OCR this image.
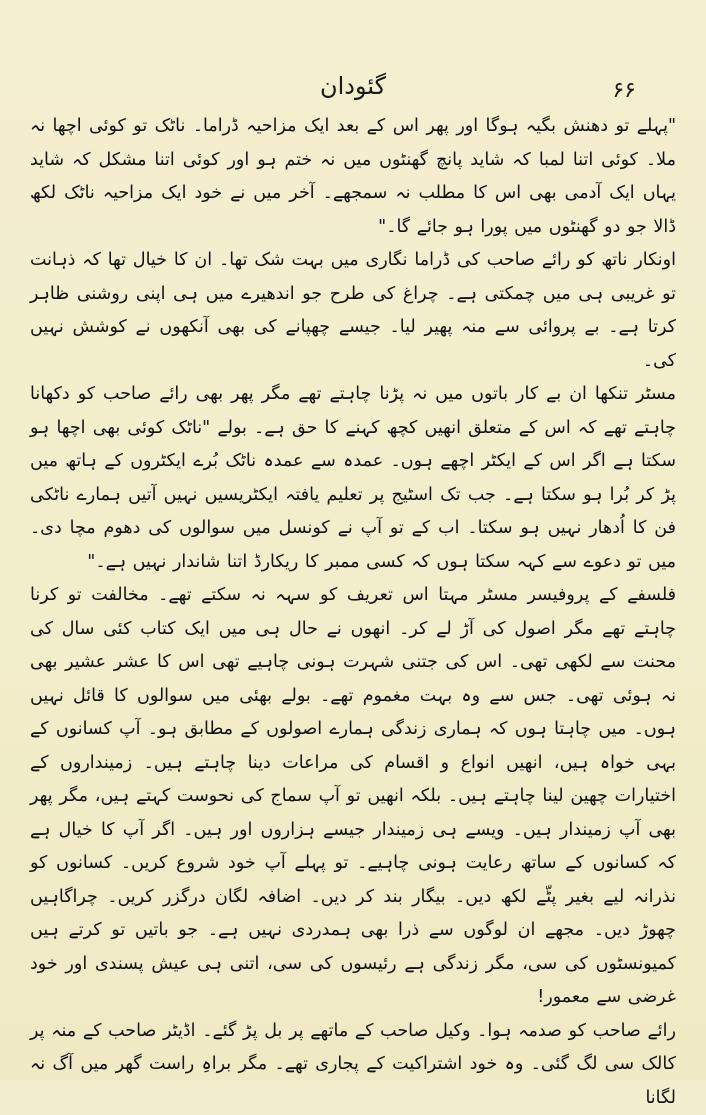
گئودان	۶۶

"پہلے تو دھنش بگیہ ہوگا اور پھر اس کے بعد ایک مزاحیہ ڈراما۔ ناٹک تو کوئی اچھا نہ ملا۔ کوئی اتنا لمبا کہ شاید پانچ گھنٹوں میں نہ ختم ہو اور کوئی اتنا مشکل کہ شاید یہاں ایک آدمی بھی اس کا مطلب نہ سمجھے۔ آخر میں نے خود ایک مزاحیہ ناٹک لکھ ڈالا جو دو گھنٹوں میں پورا ہو جائے گا۔"

اونکار ناتھ کو رائے صاحب کی ڈراما نگاری میں بہت شک تھا۔ ان کا خیال تھا کہ ذہانت تو غریبی ہی میں چمکتی ہے۔ چراغ کی طرح جو اندھیرے میں ہی اپنی روشنی ظاہر کرتا ہے۔ بے پروائی سے منہ پھیر لیا۔ جیسے چھپانے کی بھی آنکھوں نے کوشش نہیں کی۔

مسٹر تنکھا ان بے کار باتوں میں نہ پڑنا چاہتے تھے مگر پھر بھی رائے صاحب کو دکھانا چاہتے تھے کہ اس کے متعلق انھیں کچھ کہنے کا حق ہے۔ بولے "ناٹک کوئی بھی اچھا ہو سکتا ہے اگر اس کے ایکٹر اچھے ہوں۔ عمدہ سے عمدہ ناٹک بُرے ایکٹروں کے ہاتھ میں پڑ کر بُرا ہو سکتا ہے۔ جب تک اسٹیج پر تعلیم یافتہ ایکٹریسیں نہیں آتیں ہمارے ناٹکی فن کا اُدھار نہیں ہو سکتا۔ اب کے تو آپ نے کونسل میں سوالوں کی دھوم مچا دی۔ میں تو دعوے سے کہہ سکتا ہوں کہ کسی ممبر کا ریکارڈ اتنا شاندار نہیں ہے۔"

فلسفے کے پروفیسر مسٹر مہتا اس تعریف کو سہہ نہ سکتے تھے۔ مخالفت تو کرنا چاہتے تھے مگر اصول کی آڑ لے کر۔ انھوں نے حال ہی میں ایک کتاب کئی سال کی محنت سے لکھی تھی۔ اس کی جتنی شہرت ہونی چاہیے تھی اس کا عشر عشیر بھی نہ ہوئی تھی۔ جس سے وہ بہت مغموم تھے۔ بولے بھئی میں سوالوں کا قائل نہیں ہوں۔ میں چاہتا ہوں کہ ہماری زندگی ہمارے اصولوں کے مطابق ہو۔ آپ کسانوں کے بہی خواہ ہیں، انھیں انواع و اقسام کی مراعات دینا چاہتے ہیں۔ زمینداروں کے اختیارات چھین لینا چاہتے ہیں۔ بلکہ انھیں تو آپ سماج کی نحوست کہتے ہیں، مگر پھر بھی آپ زمیندار ہیں۔ ویسے ہی زمیندار جیسے ہزاروں اور ہیں۔ اگر آپ کا خیال ہے کہ کسانوں کے ساتھ رعایت ہونی چاہیے۔ تو پہلے آپ خود شروع کریں۔ کسانوں کو نذرانہ لیے بغیر پٹّے لکھ دیں۔ بیگار بند کر دیں۔ اضافہ لگان درگزر کریں۔ چراگاہیں چھوڑ دیں۔ مجھے ان لوگوں سے ذرا بھی ہمدردی نہیں ہے۔ جو باتیں تو کرتے ہیں کمیونسٹوں کی سی، مگر زندگی ہے رئیسوں کی سی، اتنی ہی عیش پسندی اور خود غرضی سے معمور!

رائے صاحب کو صدمہ ہوا۔ وکیل صاحب کے ماتھے پر بل پڑ گئے۔ اڈیٹر صاحب کے منہ پر کالک سی لگ گئی۔ وہ خود اشتراکیت کے پجاری تھے۔ مگر براہِ راست گھر میں آگ نہ لگانا
